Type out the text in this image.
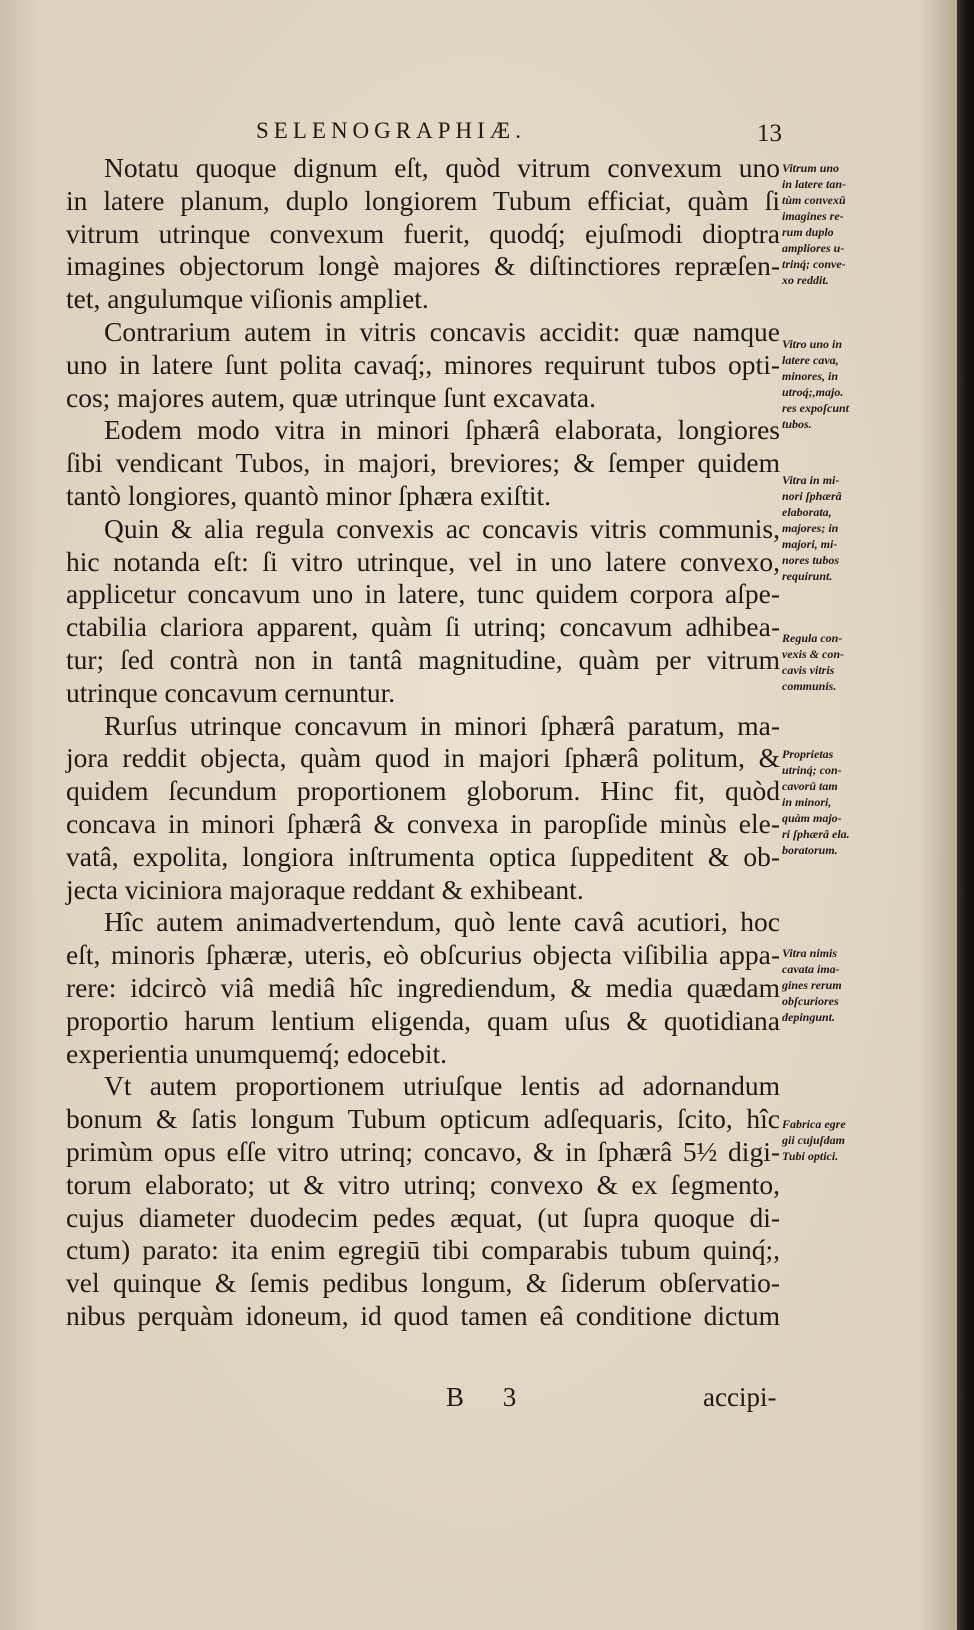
SELENOGRAPHIÆ.	13
Notatu quoque dignum eſt, quòd vitrum convexum uno
in latere planum, duplo longiorem Tubum efficiat, quàm ſi
vitrum utrinque convexum fuerit, quodq́; ejuſmodi dioptra
imagines objectorum longè majores & diſtinctiores repræſen-
tet, angulumque viſionis ampliet.
Contrarium autem in vitris concavis accidit: quæ namque
uno in latere ſunt polita cavaq́;, minores requirunt tubos opti-
cos; majores autem, quæ utrinque ſunt excavata.
Eodem modo vitra in minori ſphærâ elaborata, longiores
ſibi vendicant Tubos, in majori, breviores; & ſemper quidem
tantò longiores, quantò minor ſphæra exiſtit.
Quin & alia regula convexis ac concavis vitris communis,
hic notanda eſt: ſi vitro utrinque, vel in uno latere convexo,
applicetur concavum uno in latere, tunc quidem corpora aſpe-
ctabilia clariora apparent, quàm ſi utrinq; concavum adhibea-
tur; ſed contrà non in tantâ magnitudine, quàm per vitrum
utrinque concavum cernuntur.
Rurſus utrinque concavum in minori ſphærâ paratum, ma-
jora reddit objecta, quàm quod in majori ſphærâ politum, &
quidem ſecundum proportionem globorum. Hinc fit, quòd
concava in minori ſphærâ & convexa in paropſide minùs ele-
vatâ, expolita, longiora inſtrumenta optica ſuppeditent & ob-
jecta viciniora majoraque reddant & exhibeant.
Hîc autem animadvertendum, quò lente cavâ acutiori, hoc
eſt, minoris ſphæræ, uteris, eò obſcurius objecta viſibilia appa-
rere: idcircò viâ mediâ hîc ingrediendum, & media quædam
proportio harum lentium eligenda, quam uſus & quotidiana
experientia unumquemq́; edocebit.
Vt autem proportionem utriuſque lentis ad adornandum
bonum & ſatis longum Tubum opticum adſequaris, ſcito, hîc
primùm opus eſſe vitro utrinq; concavo, & in ſphærâ 5½ digi-
torum elaborato; ut & vitro utrinq; convexo & ex ſegmento,
cujus diameter duodecim pedes æquat, (ut ſupra quoque di-
ctum) parato: ita enim egregiū tibi comparabis tubum quinq́;,
vel quinque & ſemis pedibus longum, & ſiderum obſervatio-
nibus perquàm idoneum, id quod tamen eâ conditione dictum
Vitrum uno
in latere tan-
tùm convexū
imagines re-
rum duplo
ampliores u-
trinq́; conve-
xo reddit.
Vitro uno in
latere cava,
minores, in
utroq́;,majo.
res expoſcunt
tubos.
Vitra in mi-
nori ſphærâ
elaborata,
majores; in
majori, mi-
nores tubos
requirunt.
Regula con-
vexis & con-
cavis vitris
communis.
Proprietas
utrinq́; con-
cavorū tam
in minori,
quàm majo-
ri ſphærâ ela.
boratorum.
Vitra nimis
cavata ima-
gines rerum
obſcuriores
depingunt.
Fabrica egre
gii cujuſdam
Tubi optici.
B 3	accipi-
